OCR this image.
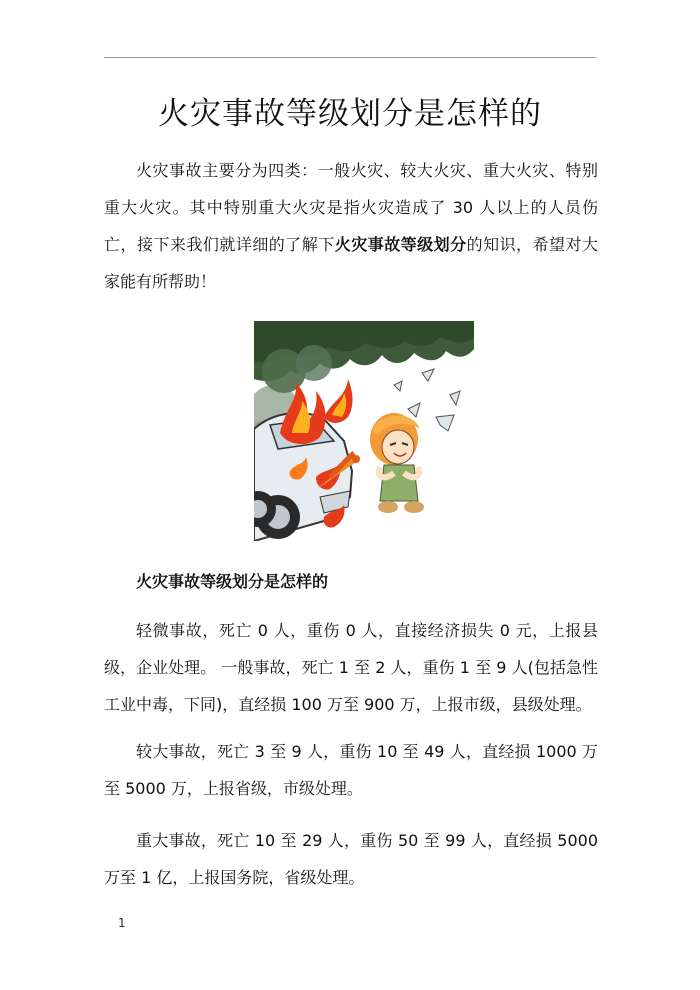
火灾事故等级划分是怎样的

火灾事故主要分为四类：一般火灾、较大火灾、重大火灾、特别重大火灾。其中特别重大火灾是指火灾造成了 30 人以上的人员伤亡，接下来我们就详细的了解下火灾事故等级划分的知识，希望对大家能有所帮助！

火灾事故等级划分是怎样的

轻微事故，死亡 0 人，重伤 0 人，直接经济损失 0 元，上报县级，企业处理。 一般事故，死亡 1 至 2 人，重伤 1 至 9 人(包括急性工业中毒，下同)，直经损 100 万至 900 万，上报市级，县级处理。

较大事故，死亡 3 至 9 人，重伤 10 至 49 人，直经损 1000 万至 5000 万，上报省级，市级处理。

重大事故，死亡 10 至 29 人，重伤 50 至 99 人，直经损 5000 万至 1 亿，上报国务院，省级处理。

1
